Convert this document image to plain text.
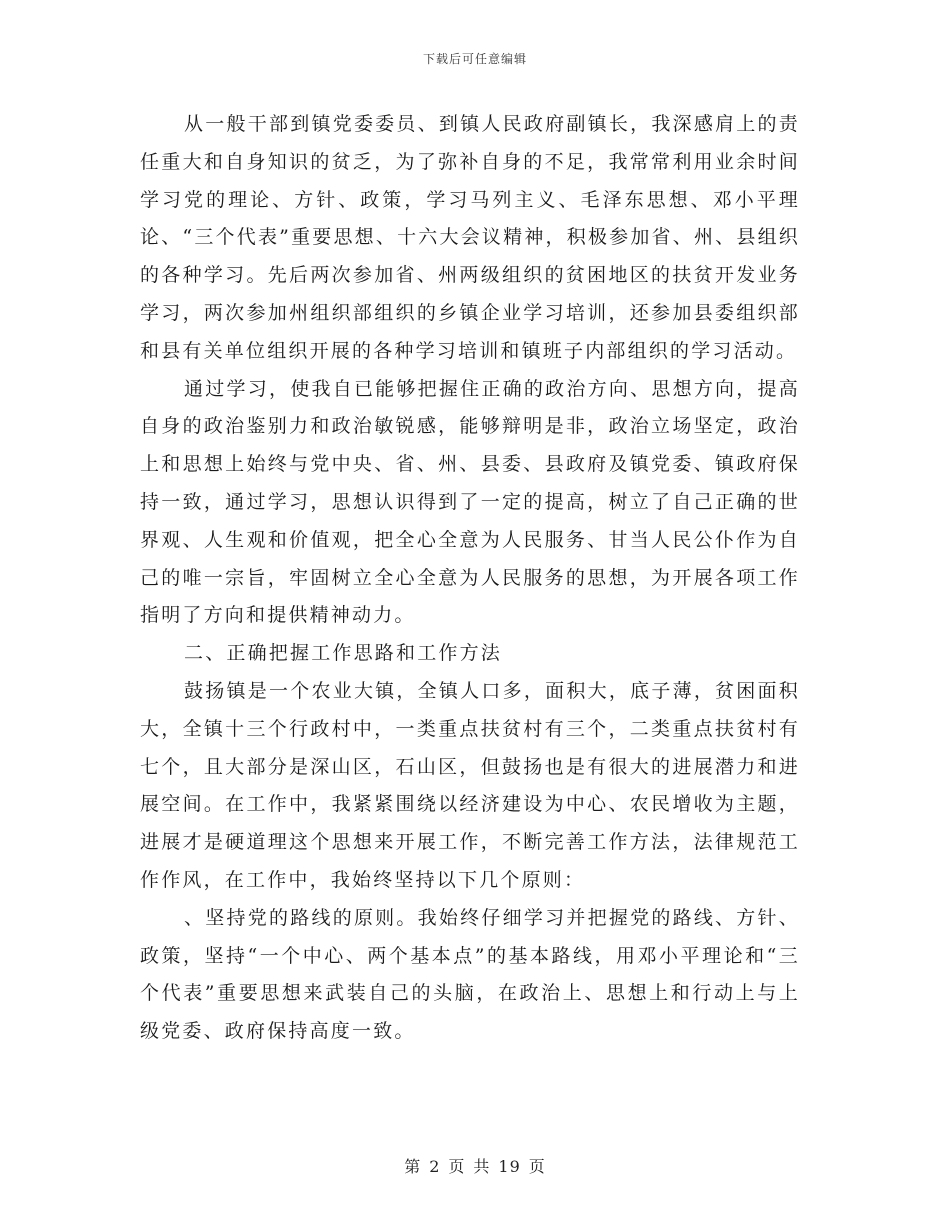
下载后可任意编辑

从一般干部到镇党委委员、到镇人民政府副镇长，我深感肩上的责任重大和自身知识的贫乏，为了弥补自身的不足，我常常利用业余时间学习党的理论、方针、政策，学习马列主义、毛泽东思想、邓小平理论、“三个代表”重要思想、十六大会议精神，积极参加省、州、县组织的各种学习。先后两次参加省、州两级组织的贫困地区的扶贫开发业务学习，两次参加州组织部组织的乡镇企业学习培训，还参加县委组织部和县有关单位组织开展的各种学习培训和镇班子内部组织的学习活动。

通过学习，使我自已能够把握住正确的政治方向、思想方向，提高自身的政治鉴别力和政治敏锐感，能够辩明是非，政治立场坚定，政治上和思想上始终与党中央、省、州、县委、县政府及镇党委、镇政府保持一致，通过学习，思想认识得到了一定的提高，树立了自己正确的世界观、人生观和价值观，把全心全意为人民服务、甘当人民公仆作为自己的唯一宗旨，牢固树立全心全意为人民服务的思想，为开展各项工作指明了方向和提供精神动力。

二、正确把握工作思路和工作方法

鼓扬镇是一个农业大镇，全镇人口多，面积大，底子薄，贫困面积大，全镇十三个行政村中，一类重点扶贫村有三个，二类重点扶贫村有七个，且大部分是深山区，石山区，但鼓扬也是有很大的进展潜力和进展空间。在工作中，我紧紧围绕以经济建设为中心、农民增收为主题，进展才是硬道理这个思想来开展工作，不断完善工作方法，法律规范工作作风，在工作中，我始终坚持以下几个原则：

、坚持党的路线的原则。我始终仔细学习并把握党的路线、方针、政策，坚持“一个中心、两个基本点”的基本路线，用邓小平理论和“三个代表”重要思想来武装自己的头脑，在政治上、思想上和行动上与上级党委、政府保持高度一致。

第 2 页 共 19 页
